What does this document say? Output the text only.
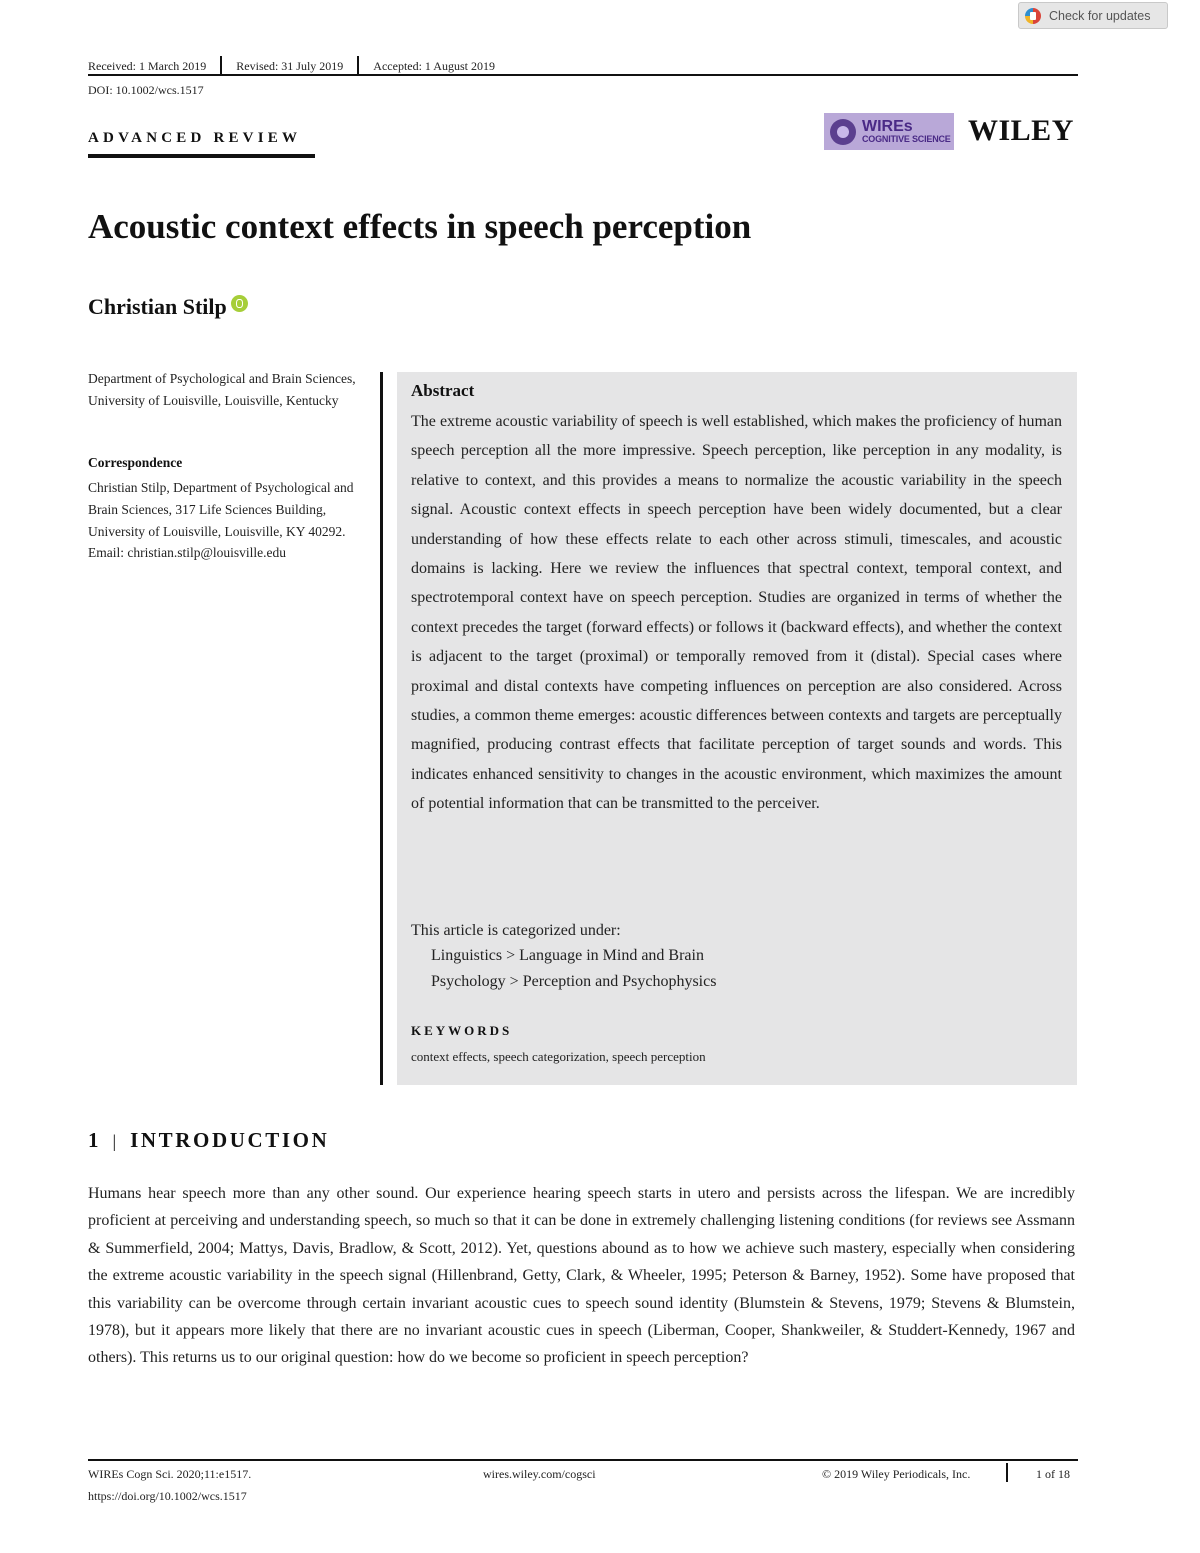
Check for updates
Received: 1 March 2019	Revised: 31 July 2019	Accepted: 1 August 2019
DOI: 10.1002/wcs.1517
ADVANCED REVIEW
WIREs
COGNITIVE SCIENCE WILEY
Acoustic context effects in speech perception
Christian Stilp
Department of Psychological and Brain Sciences, University of Louisville, Louisville, Kentucky
Correspondence
Christian Stilp, Department of Psychological and Brain Sciences, 317 Life Sciences Building, University of Louisville, Louisville, KY 40292.
Email: christian.stilp@louisville.edu
Abstract
The extreme acoustic variability of speech is well established, which makes the proficiency of human speech perception all the more impressive. Speech perception, like perception in any modality, is relative to context, and this provides a means to normalize the acoustic variability in the speech signal. Acoustic context effects in speech perception have been widely documented, but a clear understanding of how these effects relate to each other across stimuli, timescales, and acoustic domains is lacking. Here we review the influences that spectral context, temporal context, and spectrotemporal context have on speech perception. Studies are organized in terms of whether the context precedes the target (forward effects) or follows it (backward effects), and whether the context is adjacent to the target (proximal) or temporally removed from it (distal). Special cases where proximal and distal contexts have competing influences on perception are also considered. Across studies, a common theme emerges: acoustic differences between contexts and targets are perceptually magnified, producing contrast effects that facilitate perception of target sounds and words. This indicates enhanced sensitivity to changes in the acoustic environment, which maximizes the amount of potential information that can be transmitted to the perceiver.
This article is categorized under:
Linguistics > Language in Mind and Brain
Psychology > Perception and Psychophysics
KEYWORDS
context effects, speech categorization, speech perception
1 | INTRODUCTION
Humans hear speech more than any other sound. Our experience hearing speech starts in utero and persists across the lifespan. We are incredibly proficient at perceiving and understanding speech, so much so that it can be done in extremely challenging listening conditions (for reviews see Assmann & Summerfield, 2004; Mattys, Davis, Bradlow, & Scott, 2012). Yet, questions abound as to how we achieve such mastery, especially when considering the extreme acoustic variability in the speech signal (Hillenbrand, Getty, Clark, & Wheeler, 1995; Peterson & Barney, 1952). Some have proposed that this variability can be overcome through certain invariant acoustic cues to speech sound identity (Blumstein & Stevens, 1979; Stevens & Blumstein, 1978), but it appears more likely that there are no invariant acoustic cues in speech (Liberman, Cooper, Shankweiler, & Studdert-Kennedy, 1967 and others). This returns us to our original question: how do we become so proficient in speech perception?
WIREs Cogn Sci. 2020;11:e1517.
https://doi.org/10.1002/wcs.1517
wires.wiley.com/cogsci	© 2019 Wiley Periodicals, Inc.	1 of 18
